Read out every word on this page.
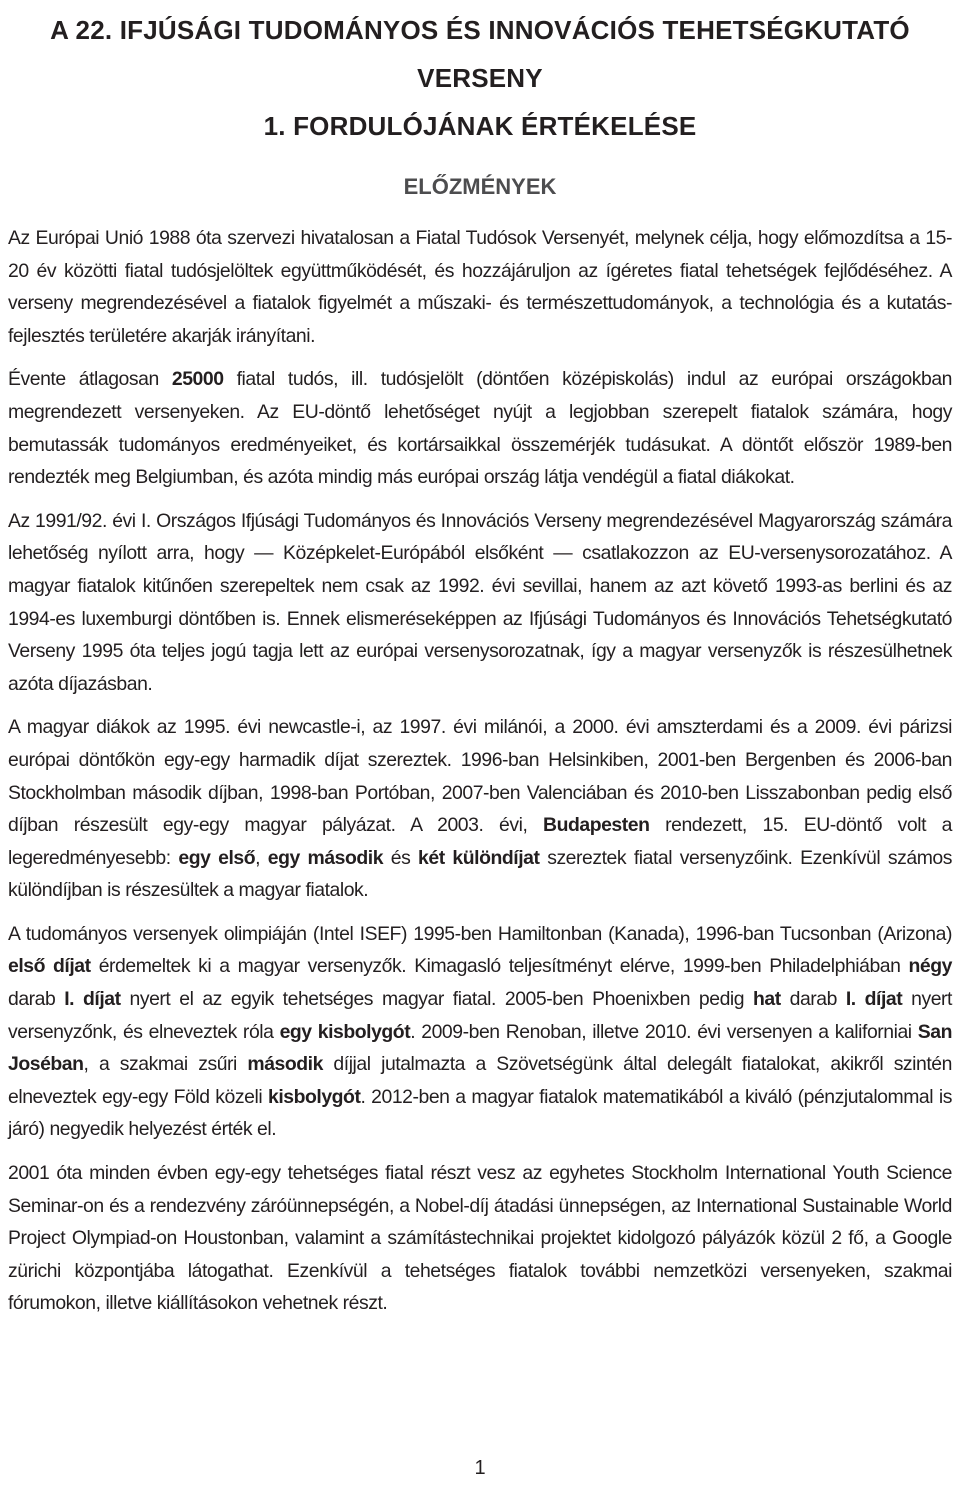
A 22. IFJÚSÁGI TUDOMÁNYOS ÉS INNOVÁCIÓS TEHETSÉGKUTATÓ VERSENY
1. FORDULÓJÁNAK ÉRTÉKELÉSE
ELŐZMÉNYEK

Az Európai Unió 1988 óta szervezi hivatalosan a Fiatal Tudósok Versenyét, melynek célja, hogy előmozdítsa a 15-20 év közötti fiatal tudósjelöltek együttműködését, és hozzájáruljon az ígéretes fiatal tehetségek fejlődéséhez. A verseny megrendezésével a fiatalok figyelmét a műszaki- és természettudományok, a technológia és a kutatás-fejlesztés területére akarják irányítani.

Évente átlagosan 25000 fiatal tudós, ill. tudósjelölt (döntően középiskolás) indul az európai országokban megrendezett versenyeken. Az EU-döntő lehetőséget nyújt a legjobban szerepelt fiatalok számára, hogy bemutassák tudományos eredményeiket, és kortársaikkal összemérjék tudásukat. A döntőt először 1989-ben rendezték meg Belgiumban, és azóta mindig más európai ország látja vendégül a fiatal diákokat.

Az 1991/92. évi I. Országos Ifjúsági Tudományos és Innovációs Verseny megrendezésével Magyarország számára lehetőség nyílott arra, hogy — Középkelet-Európából elsőként — csatlakozzon az EU-versenysorozatához. A magyar fiatalok kitűnően szerepeltek nem csak az 1992. évi sevillai, hanem az azt követő 1993-as berlini és az 1994-es luxemburgi döntőben is. Ennek elismeréseképpen az Ifjúsági Tudományos és Innovációs Tehetségkutató Verseny 1995 óta teljes jogú tagja lett az európai versenysorozatnak, így a magyar versenyzők is részesülhetnek azóta díjazásban.

A magyar diákok az 1995. évi newcastle-i, az 1997. évi milánói, a 2000. évi amszterdami és a 2009. évi párizsi európai döntőkön egy-egy harmadik díjat szereztek. 1996-ban Helsinkiben, 2001-ben Bergenben és 2006-ban Stockholmban második díjban, 1998-ban Portóban, 2007-ben Valenciában és 2010-ben Lisszabonban pedig első díjban részesült egy-egy magyar pályázat. A 2003. évi, Budapesten rendezett, 15. EU-döntő volt a legeredményesebb: egy első, egy második és két különdíjat szereztek fiatal versenyzőink. Ezenkívül számos különdíjban is részesültek a magyar fiatalok.

A tudományos versenyek olimpiáján (Intel ISEF) 1995-ben Hamiltonban (Kanada), 1996-ban Tucsonban (Arizona) első díjat érdemeltek ki a magyar versenyzők. Kimagasló teljesítményt elérve, 1999-ben Philadelphiában négy darab I. díjat nyert el az egyik tehetséges magyar fiatal. 2005-ben Phoenixben pedig hat darab I. díjat nyert versenyzőnk, és elneveztek róla egy kisbolygót. 2009-ben Renoban, illetve 2010. évi versenyen a kaliforniai San Joséban, a szakmai zsűri második díjjal jutalmazta a Szövetségünk által delegált fiatalokat, akikről szintén elneveztek egy-egy Föld közeli kisbolygót. 2012-ben a magyar fiatalok matematikából a kiváló (pénzjutalommal is járó) negyedik helyezést érték el.

2001 óta minden évben egy-egy tehetséges fiatal részt vesz az egyhetes Stockholm International Youth Science Seminar-on és a rendezvény záróünnepségén, a Nobel-díj átadási ünnepségen, az International Sustainable World Project Olympiad-on Houstonban, valamint a számítástechnikai projektet kidolgozó pályázók közül 2 fő, a Google zürichi központjába látogathat. Ezenkívül a tehetséges fiatalok további nemzetközi versenyeken, szakmai fórumokon, illetve kiállításokon vehetnek részt.

1
